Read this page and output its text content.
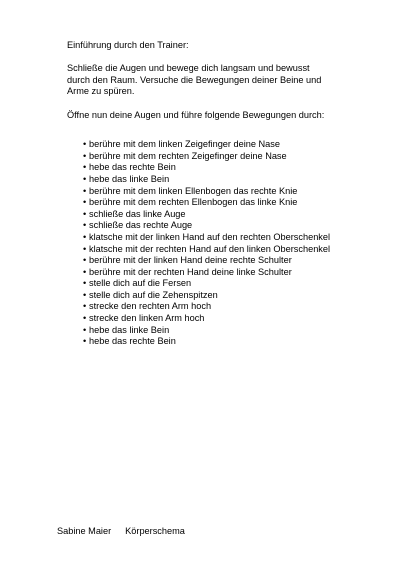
Einführung durch den Trainer:

Schließe die Augen und bewege dich langsam und bewusst
durch den Raum. Versuche die Bewegungen deiner Beine und
Arme zu spüren.

Öffne nun deine Augen und führe folgende Bewegungen durch:

• berühre mit dem linken Zeigefinger deine Nase
• berühre mit dem rechten Zeigefinger deine Nase
• hebe das rechte Bein
• hebe das linke Bein
• berühre mit dem linken Ellenbogen das rechte Knie
• berühre mit dem rechten Ellenbogen das linke Knie
• schließe das linke Auge
• schließe das rechte Auge
• klatsche mit der linken Hand auf den rechten Oberschenkel
• klatsche mit der rechten Hand auf den linken Oberschenkel
• berühre mit der linken Hand deine rechte Schulter
• berühre mit der rechten Hand deine linke Schulter
• stelle dich auf die Fersen
• stelle dich auf die Zehenspitzen
• strecke den rechten Arm hoch
• strecke den linken Arm hoch
• hebe das linke Bein
• hebe das rechte Bein
Sabine Maier Körperschema
